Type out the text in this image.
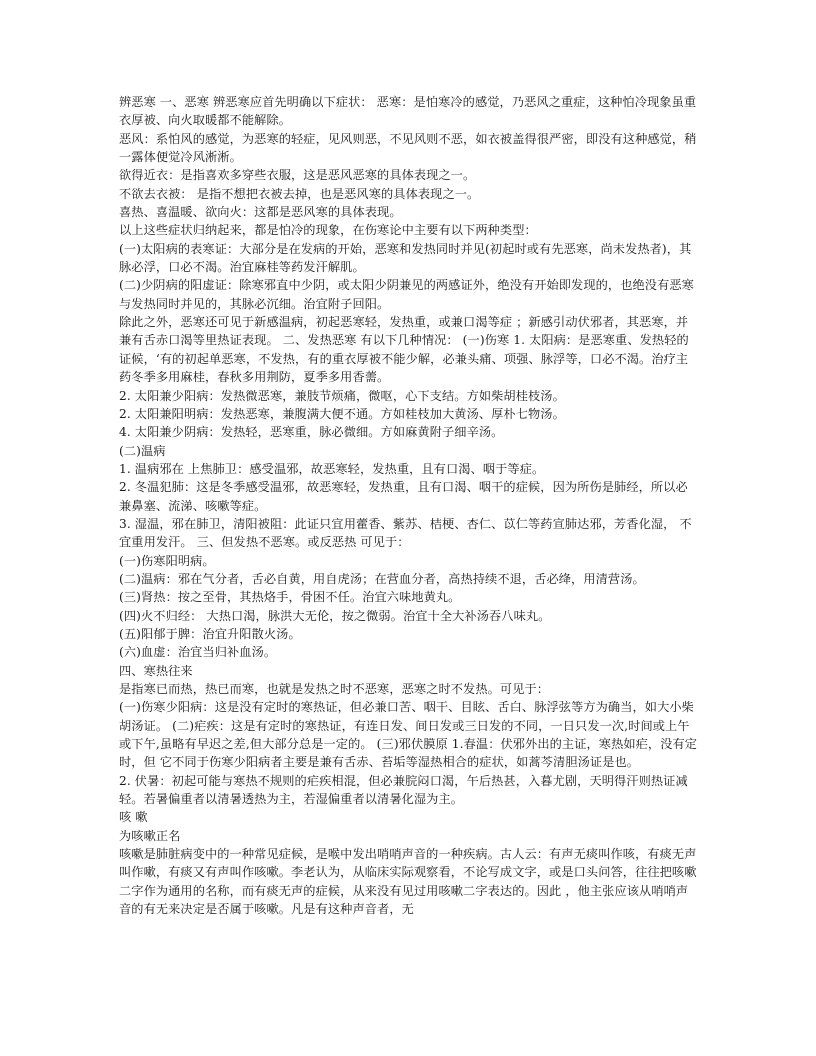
辨恶寒 一、恶寒 辨恶寒应首先明确以下症状： 恶寒：是怕寒冷的感觉，乃恶风之重症，这种怕冷现象虽重衣厚被、向火取暖都不能解除。

恶风：系怕风的感觉，为恶寒的轻症，见风则恶，不见风则不恶，如衣被盖得很严密，即没有这种感觉，稍一露体便觉冷风淅淅。

欲得近衣：是指喜欢多穿些衣服，这是恶风恶寒的具体表现之一。

不欲去衣被： 是指不想把衣被去掉，也是恶风寒的具体表现之一。

喜热、喜温暖、欲向火：这都是恶风寒的具体表现。

以上这些症状归纳起来，都是怕冷的现象，在伤寒论中主要有以下两种类型：

(一)太阳病的表寒证：大部分是在发病的开始，恶寒和发热同时并见(初起时或有先恶寒，尚未发热者)，其脉必浮，口必不渴。治宜麻桂等药发汗解肌。

(二)少阴病的阳虚证：除寒邪直中少阴，或太阳少阴兼见的两感证外，绝没有开始即发现的，也绝没有恶寒与发热同时并见的，其脉必沉细。治宜附子回阳。

除此之外，恶寒还可见于新感温病，初起恶寒轻，发热重，或兼口渴等症 ；新感引动伏邪者，其恶寒，并兼有舌赤口渴等里热证表现。 二、发热恶寒 有以下几种情况： (一)伤寒 1. 太阳病：是恶寒重、发热轻的证候，‘有的初起单恶寒，不发热，有的重衣厚被不能少解，必兼头痛、项强、脉浮等，口必不渴。治疗主药冬季多用麻桂，春秋多用荆防，夏季多用香薷。

2. 太阳兼少阳病：发热微恶寒，兼肢节烦痛，微呕，心下支结。方如柴胡桂枝汤。

2. 太阳兼阳明病：发热恶寒，兼腹满大便不通。方如桂枝加大黄汤、厚朴七物汤。

4. 太阳兼少阴病：发热轻，恶寒重，脉必微细。方如麻黄附子细辛汤。

(二)温病

1. 温病邪在 上焦肺卫：感受温邪，故恶寒轻，发热重，且有口渴、咽于等症。

2. 冬温犯肺：这是冬季感受温邪，故恶寒轻，发热重，且有口渴、咽干的症候，因为所伤是肺经，所以必兼鼻塞、流涕、咳嗽等症。

3. 湿温，邪在肺卫，清阳被阻：此证只宜用藿香、紫苏、桔梗、杏仁、苡仁等药宣肺达邪，芳香化湿， 不宜重用发汗。 三、但发热不恶寒。或反恶热 可见于：

(一)伤寒阳明病。

(二)温病：邪在气分者，舌必自黄，用自虎汤；在营血分者，高热持续不退，舌必绛，用清营汤。

(三)肾热：按之至骨，其热烙手，骨困不任。治宜六味地黄丸。

(四)火不归经： 大热口渴，脉洪大无伦，按之微弱。治宜十全大补汤吞八味丸。

(五)阳郁于脾：治宜升阳散火汤。

(六)血虚：治宜当归补血汤。

四、寒热往来

是指寒已而热，热已而寒，也就是发热之时不恶寒，恶寒之时不发热。可见于：

(一)伤寒少阳病：这是没有定时的寒热证，但必兼口苦、咽干、目眩、舌白、脉浮弦等方为确当，如大小柴胡汤证。 (二)疟疾：这是有定时的寒热证，有连日发、间日发或三日发的不同，一日只发一次,时间或上午或下午,虽略有早迟之差,但大部分总是一定的。 (三)邪伏膜原 1.春温：伏邪外出的主证，寒热如疟，没有定时，但 它不同于伤寒少阳病者主要是兼有舌赤、苔垢等湿热相合的症状，如蒿芩清胆汤证是也。

2. 伏暑：初起可能与寒热不规则的疟疾相混，但必兼脘闷口渴，午后热甚，入暮尤剧，天明得汗则热证减轻。若暑偏重者以清暑透热为主，若湿偏重者以清暑化湿为主。

咳 嗽

为咳嗽正名

咳嗽是肺脏病变中的一种常见症候，是喉中发出哨哨声音的一种疾病。古人云：有声无痰叫作咳，有痰无声叫作嗽，有痰又有声叫作咳嗽。李老认为，从临床实际观察看，不论写成文字，或是口头问答，往往把咳嗽二字作为通用的名称，而有痰无声的症候，从来没有见过用咳嗽二字表达的。因此 ，他主张应该从哨哨声音的有无来决定是否属于咳嗽。凡是有这种声音者，无
